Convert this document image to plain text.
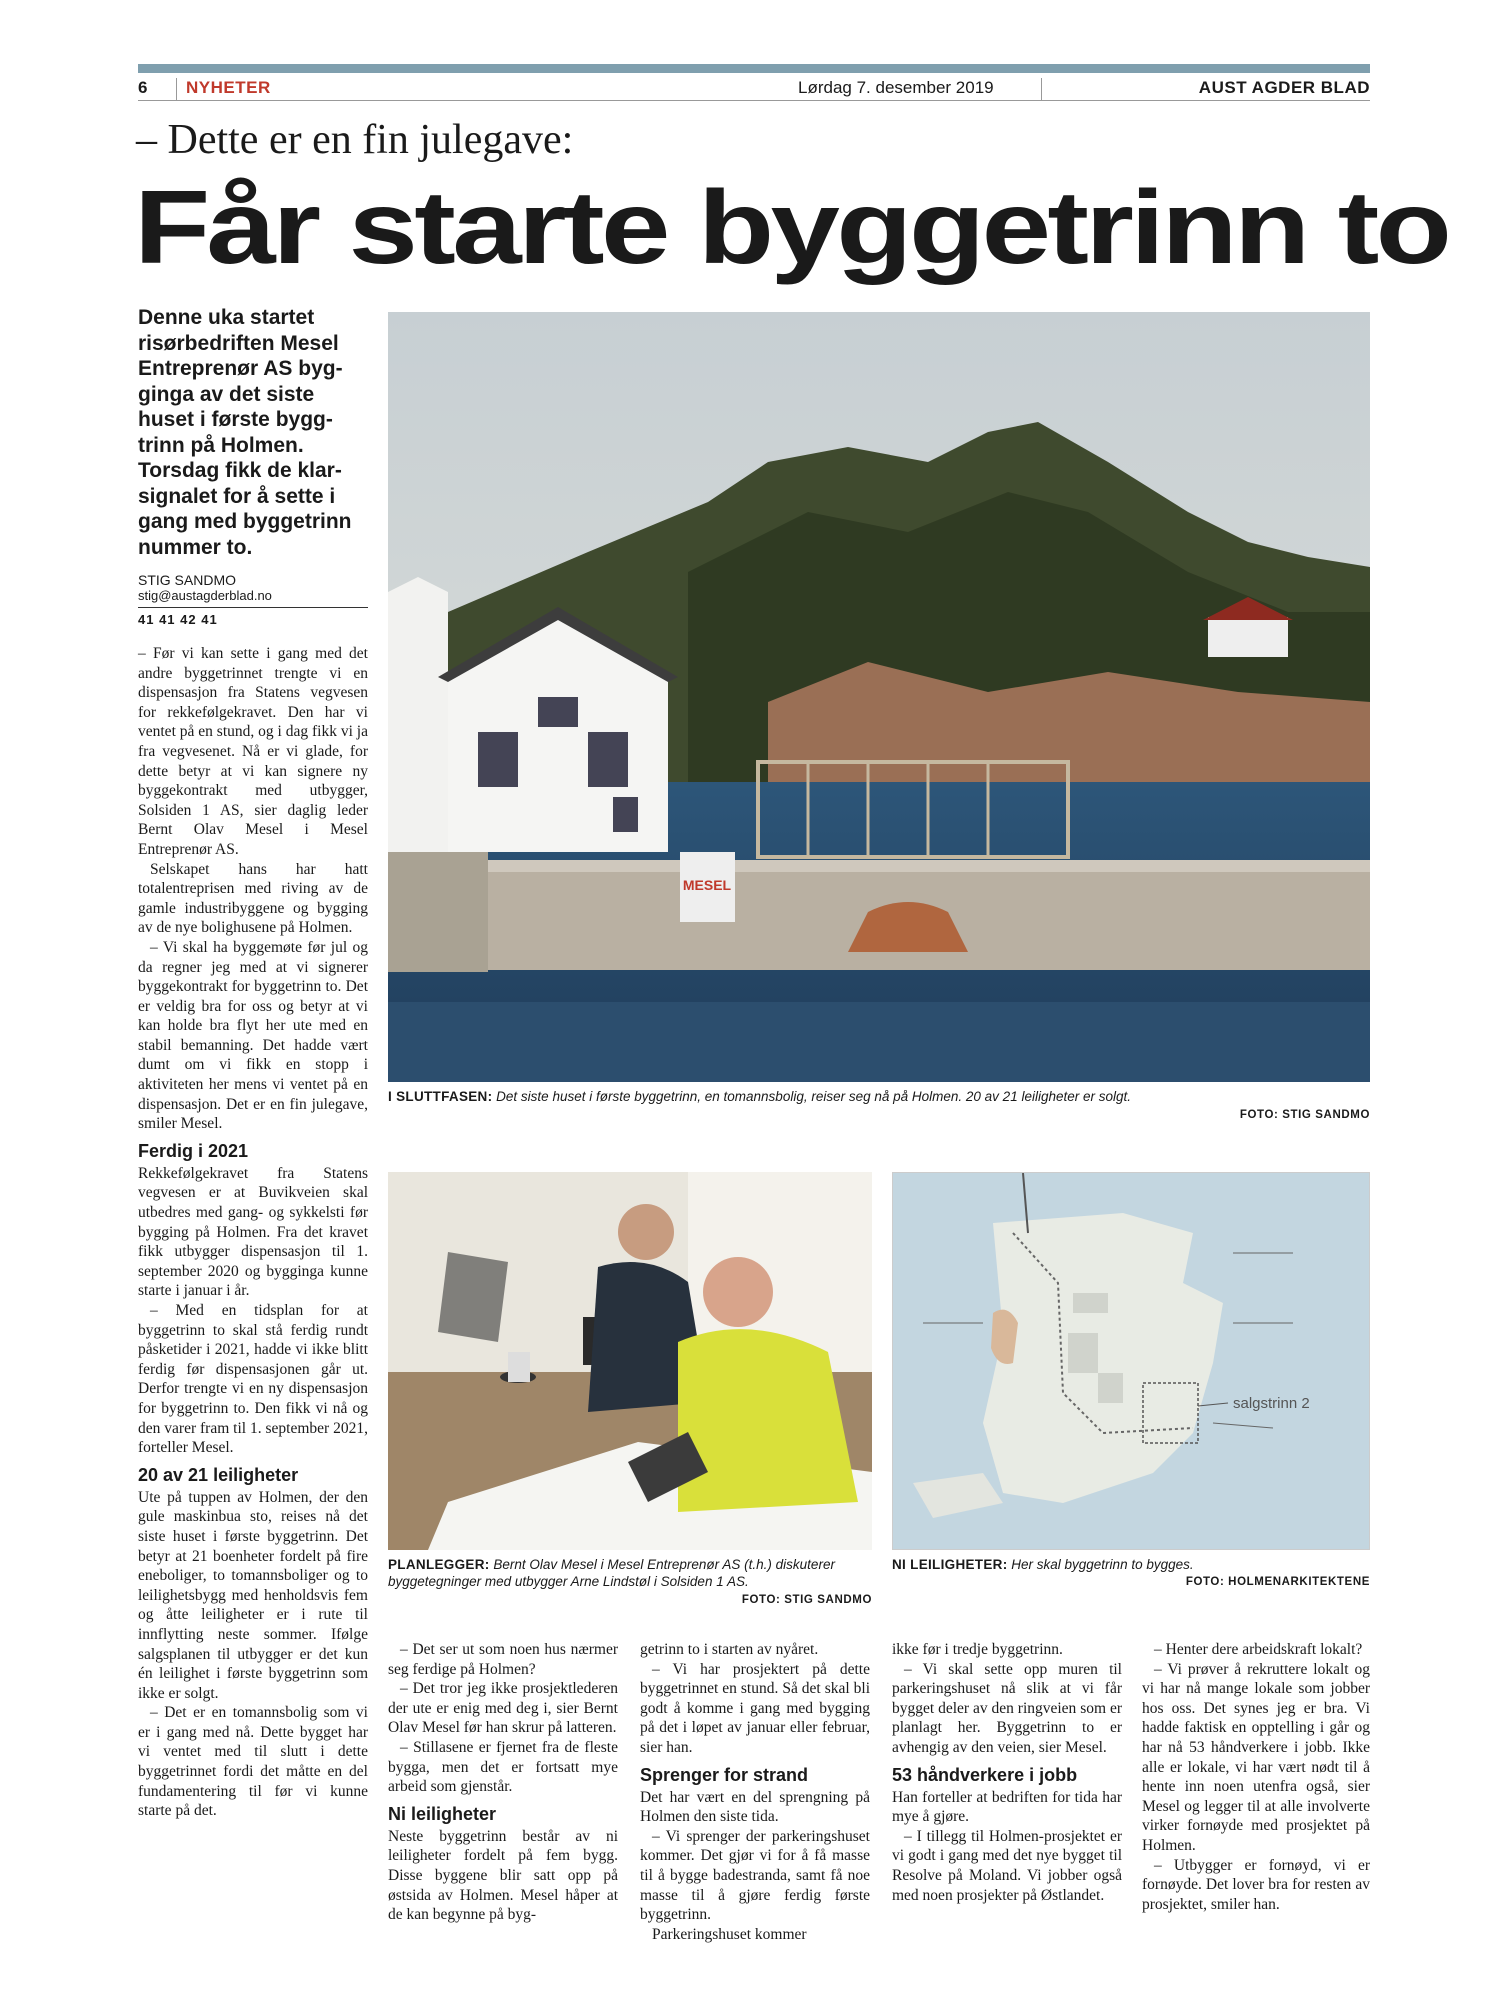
6 NYHETER	Lørdag 7. desember 2019	AUST AGDER BLAD
– Dette er en fin julegave:
Får starte byggetrinn to
Denne uka startet risørbedriften Mesel Entreprenør AS bygginga av det siste huset i første byggtrinn på Holmen. Torsdag fikk de klarsignalet for å sette i gang med byggetrinn nummer to.
STIG SANDMO
stig@austagderblad.no
41 41 42 41

– Før vi kan sette i gang med det andre byggetrinnet trengte vi en dispensasjon fra Statens vegvesen for rekkefølgekravet. Den har vi ventet på en stund, og i dag fikk vi ja fra vegvesenet. Nå er vi glade, for dette betyr at vi kan signere ny byggekontrakt med utbygger, Solsiden 1 AS, sier daglig leder Bernt Olav Mesel i Mesel Entreprenør AS.

Selskapet hans har hatt totalentreprisen med riving av de gamle industribyggene og bygging av de nye bolighusene på Holmen.

– Vi skal ha byggemøte før jul og da regner jeg med at vi signerer byggekontrakt for byggetrinn to. Det er veldig bra for oss og betyr at vi kan holde bra flyt her ute med en stabil bemanning. Det hadde vært dumt om vi fikk en stopp i aktiviteten her mens vi ventet på en dispensasjon. Det er en fin julegave, smiler Mesel.

Ferdig i 2021

Rekkefølgekravet fra Statens vegvesen er at Buvikveien skal utbedres med gang- og sykkelsti før bygging på Holmen. Fra det kravet fikk utbygger dispensasjon til 1. september 2020 og bygginga kunne starte i januar i år.

– Med en tidsplan for at byggetrinn to skal stå ferdig rundt påsketider i 2021, hadde vi ikke blitt ferdig før dispensasjonen går ut. Derfor trengte vi en ny dispensasjon for byggetrinn to. Den fikk vi nå og den varer fram til 1. september 2021, forteller Mesel.

20 av 21 leiligheter

Ute på tuppen av Holmen, der den gule maskinbua sto, reises nå det siste huset i første byggetrinn. Det betyr at 21 boenheter fordelt på fire eneboliger, to tomannsboliger og to leilighetsbygg med henholdsvis fem og åtte leiligheter er i rute til innflytting neste sommer. Ifølge salgsplanen til utbygger er det kun én leilighet i første byggetrinn som ikke er solgt.

– Det er en tomannsbolig som vi er i gang med nå. Dette bygget har vi ventet med til slutt i dette byggetrinnet fordi det måtte en del fundamentering til før vi kunne starte på det.

MESEL
I SLUTTFASEN: Det siste huset i første byggetrinn, en tomannsbolig, reiser seg nå på Holmen. 20 av 21 leiligheter er solgt.
FOTO: STIG SANDMO
PLANLEGGER: Bernt Olav Mesel i Mesel Entreprenør AS (t.h.) diskuterer byggetegninger med utbygger Arne Lindstøl i Solsiden 1 AS.
FOTO: STIG SANDMO
salgstrinn 2
NI LEILIGHETER: Her skal byggetrinn to bygges.
FOTO: HOLMENARKITEKTENE

– Det ser ut som noen hus nærmer seg ferdige på Holmen?

– Det tror jeg ikke prosjektlederen der ute er enig med deg i, sier Bernt Olav Mesel før han skrur på latteren.

– Stillasene er fjernet fra de fleste bygga, men det er fortsatt mye arbeid som gjenstår.

Ni leiligheter

Neste byggetrinn består av ni leiligheter fordelt på fem bygg. Disse byggene blir satt opp på østsida av Holmen. Mesel håper at de kan begynne på byg-

getrinn to i starten av nyåret.

– Vi har prosjektert på dette byggetrinnet en stund. Så det skal bli godt å komme i gang med bygging på det i løpet av januar eller februar, sier han.

Sprenger for strand

Det har vært en del sprengning på Holmen den siste tida.

– Vi sprenger der parkeringshuset kommer. Det gjør vi for å få masse til å bygge badestranda, samt få noe masse til å gjøre ferdig første byggetrinn.

Parkeringshuset kommer

ikke før i tredje byggetrinn.

– Vi skal sette opp muren til parkeringshuset nå slik at vi får bygget deler av den ringveien som er planlagt her. Byggetrinn to er avhengig av den veien, sier Mesel.

53 håndverkere i jobb

Han forteller at bedriften for tida har mye å gjøre.

– I tillegg til Holmen-prosjektet er vi godt i gang med det nye bygget til Resolve på Moland. Vi jobber også med noen prosjekter på Østlandet.

– Henter dere arbeidskraft lokalt?

– Vi prøver å rekruttere lokalt og vi har nå mange lokale som jobber hos oss. Det synes jeg er bra. Vi hadde faktisk en opptelling i går og har nå 53 håndverkere i jobb. Ikke alle er lokale, vi har vært nødt til å hente inn noen utenfra også, sier Mesel og legger til at alle involverte virker fornøyde med prosjektet på Holmen.

– Utbygger er fornøyd, vi er fornøyde. Det lover bra for resten av prosjektet, smiler han.
